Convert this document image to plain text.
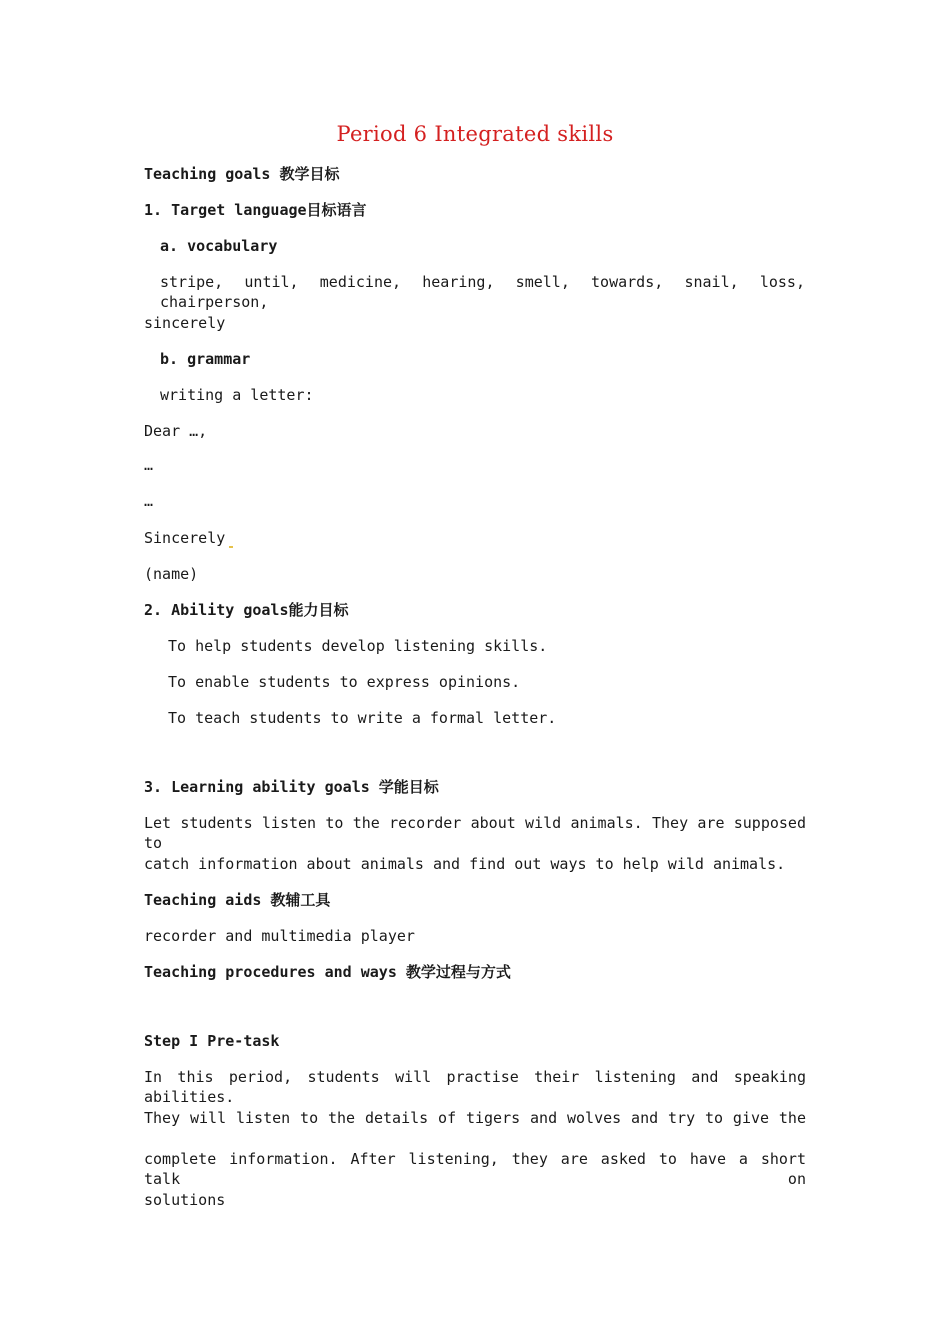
Period 6 Integrated skills
Teaching goals 教学目标
1. Target language目标语言
a. vocabulary
stripe, until, medicine, hearing, smell, towards, snail, loss, chairperson,
sincerely
b. grammar
writing a letter:
Dear …,
…
…
Sincerely
(name)
2. Ability goals能力目标
To help students develop listening skills.
To enable students to express opinions.
To teach students to write a formal letter.
3. Learning ability goals 学能目标
Let students listen to the recorder about wild animals. They are supposed to
catch information about animals and find out ways to help wild animals.
Teaching aids 教辅工具
recorder and multimedia player
Teaching procedures and ways 教学过程与方式
Step I Pre-task
In this period, students will practise their listening and speaking abilities.
They will listen to the details of tigers and wolves and try to give the
complete information. After listening, they are asked to have a short talk on
solutions
